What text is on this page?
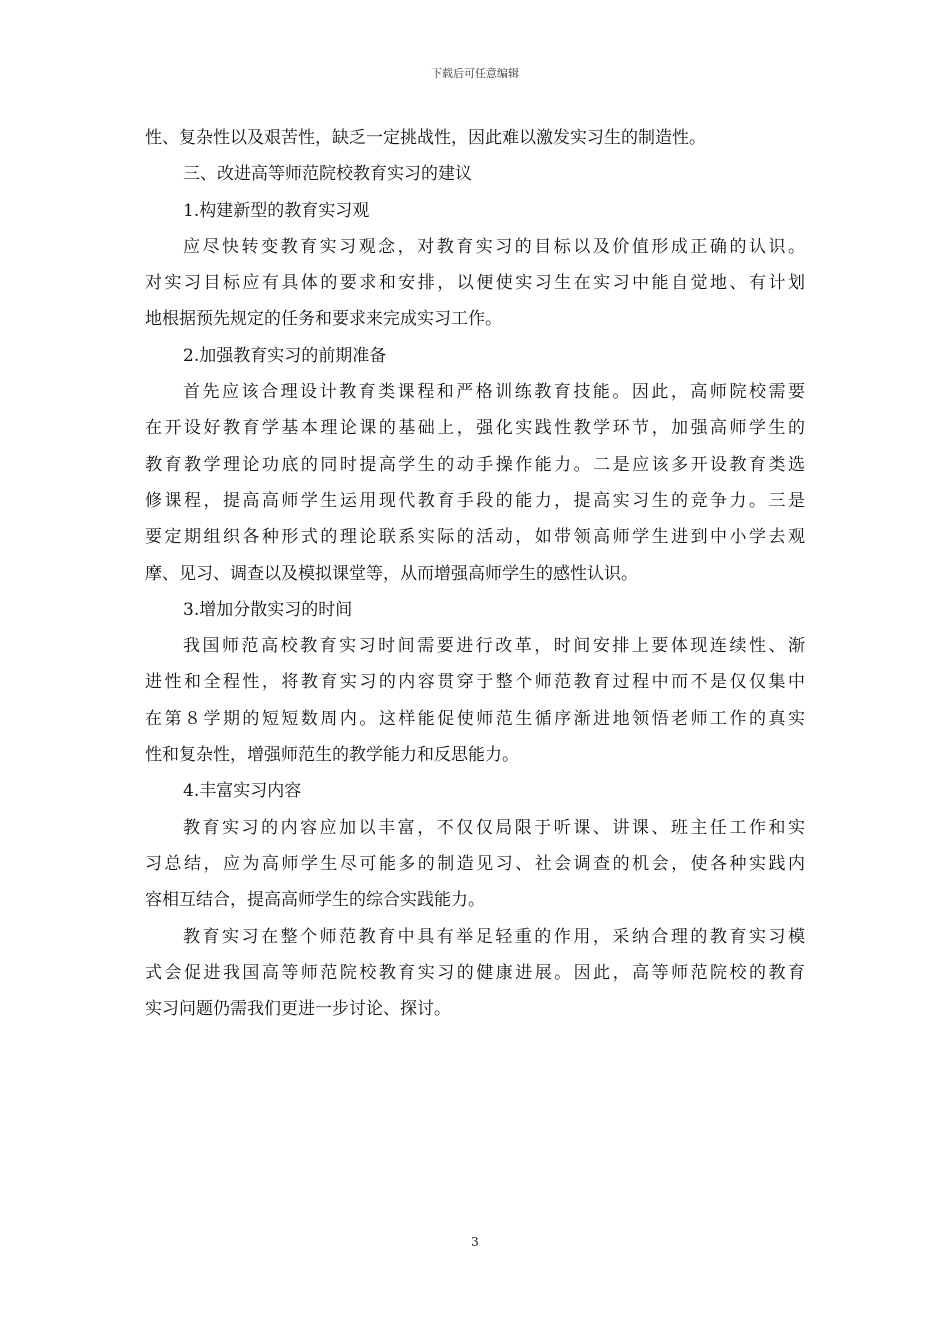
下载后可任意编辑
性、复杂性以及艰苦性，缺乏一定挑战性，因此难以激发实习生的制造性。
三、改进高等师范院校教育实习的建议
1.构建新型的教育实习观
应尽快转变教育实习观念，对教育实习的目标以及价值形成正确的认识。
对实习目标应有具体的要求和安排，以便使实习生在实习中能自觉地、有计划
地根据预先规定的任务和要求来完成实习工作。
2.加强教育实习的前期准备
首先应该合理设计教育类课程和严格训练教育技能。因此，高师院校需要
在开设好教育学基本理论课的基础上，强化实践性教学环节，加强高师学生的
教育教学理论功底的同时提高学生的动手操作能力。二是应该多开设教育类选
修课程，提高高师学生运用现代教育手段的能力，提高实习生的竞争力。三是
要定期组织各种形式的理论联系实际的活动，如带领高师学生进到中小学去观
摩、见习、调查以及模拟课堂等，从而增强高师学生的感性认识。
3.增加分散实习的时间
我国师范高校教育实习时间需要进行改革，时间安排上要体现连续性、渐
进性和全程性，将教育实习的内容贯穿于整个师范教育过程中而不是仅仅集中
在第８学期的短短数周内。这样能促使师范生循序渐进地领悟老师工作的真实
性和复杂性，增强师范生的教学能力和反思能力。
4.丰富实习内容
教育实习的内容应加以丰富，不仅仅局限于听课、讲课、班主任工作和实
习总结，应为高师学生尽可能多的制造见习、社会调查的机会，使各种实践内
容相互结合，提高高师学生的综合实践能力。
教育实习在整个师范教育中具有举足轻重的作用，采纳合理的教育实习模
式会促进我国高等师范院校教育实习的健康进展。因此，高等师范院校的教育
实习问题仍需我们更进一步讨论、探讨。
3
